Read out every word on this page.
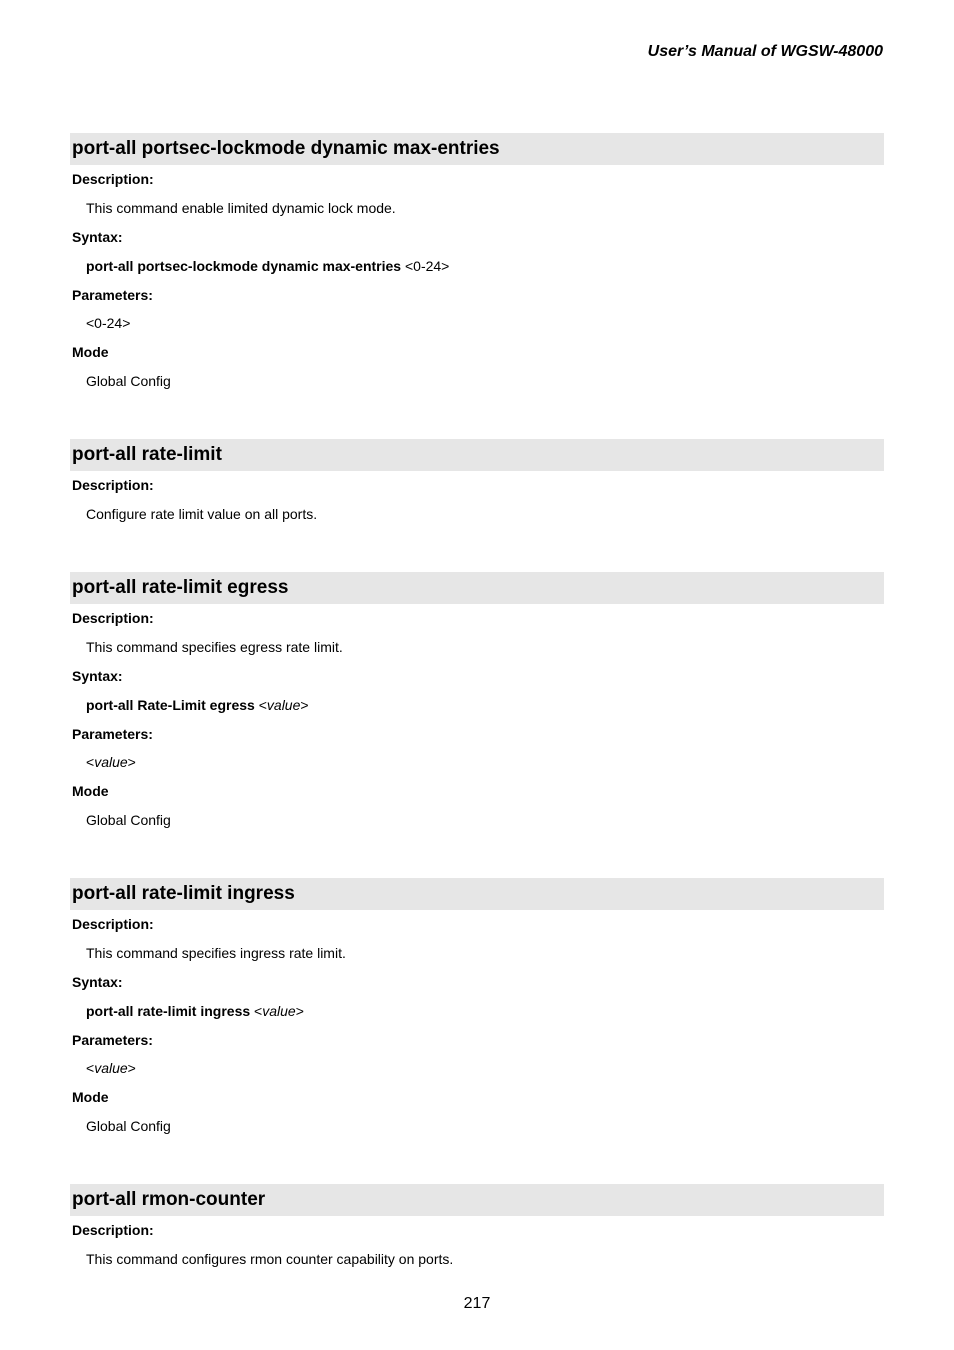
User’s Manual of WGSW-48000
port-all portsec-lockmode dynamic max-entries
Description:
This command enable limited dynamic lock mode.
Syntax:
port-all portsec-lockmode dynamic max-entries <0-24>
Parameters:
<0-24>
Mode
Global Config
port-all rate-limit
Description:
Configure rate limit value on all ports.
port-all rate-limit egress
Description:
This command specifies egress rate limit.
Syntax:
port-all Rate-Limit egress <value>
Parameters:
<value>
Mode
Global Config
port-all rate-limit ingress
Description:
This command specifies ingress rate limit.
Syntax:
port-all rate-limit ingress <value>
Parameters:
<value>
Mode
Global Config
port-all rmon-counter
Description:
This command configures rmon counter capability on ports.
217
